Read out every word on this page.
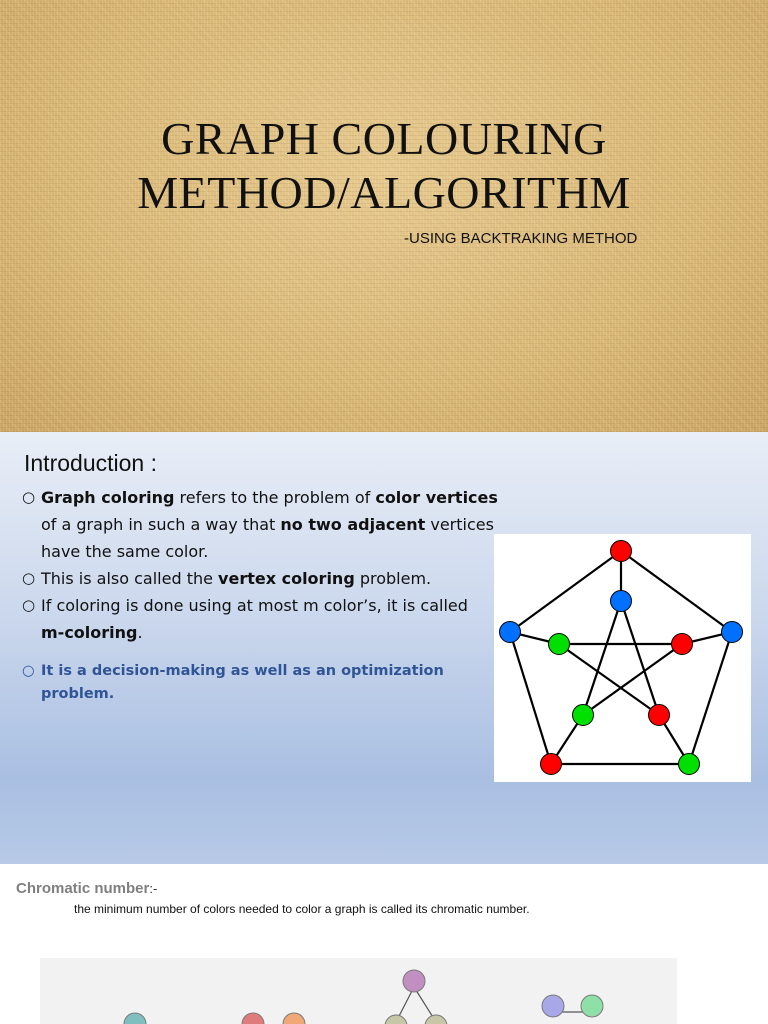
GRAPH COLOURING
METHOD/ALGORITHM
-USING BACKTRAKING METHOD
Introduction :
○ Graph coloring refers to the problem of color vertices
of a graph in such a way that no two adjacent vertices
have the same color.
○ This is also called the vertex coloring problem.
○ If coloring is done using at most m color’s, it is called
m-coloring.
○ It is a decision-making as well as an optimization
problem.
Chromatic number:-
the minimum number of colors needed to color a graph is called its chromatic number.
